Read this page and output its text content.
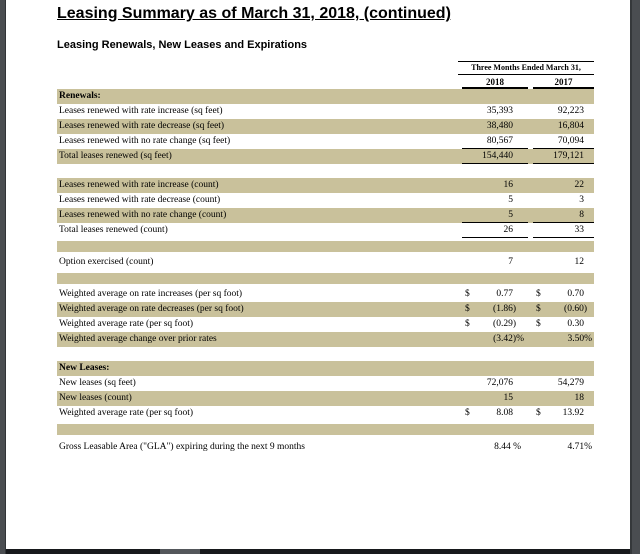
Leasing Summary as of March 31, 2018, (continued)
Leasing Renewals, New Leases and Expirations
Three Months Ended March 31,
2018	2017
Renewals:
Leases renewed with rate increase (sq feet)	35,393	92,223
Leases renewed with rate decrease (sq feet)	38,480	16,804
Leases renewed with no rate change (sq feet)	80,567	70,094
Total leases renewed (sq feet)	154,440	179,121
Leases renewed with rate increase (count)	16	22
Leases renewed with rate decrease (count)	5	3
Leases renewed with no rate change (count)	5	8
Total leases renewed (count)	26	33
Option exercised (count)	7	12
Weighted average on rate increases (per sq foot)	$	0.77	$	0.70
Weighted average on rate decreases (per sq foot)	$ (1.86)	$ (0.60)
Weighted average rate (per sq foot)	$ (0.29)	$	0.30
Weighted average change over prior rates	(3.42)%	3.50%
New Leases:
New leases (sq feet)	72,076	54,279
New leases (count)	15	18
Weighted average rate (per sq foot)	$	8.08	$ 13.92
Gross Leasable Area ("GLA") expiring during the next 9 months	8.44 %	4.71%
